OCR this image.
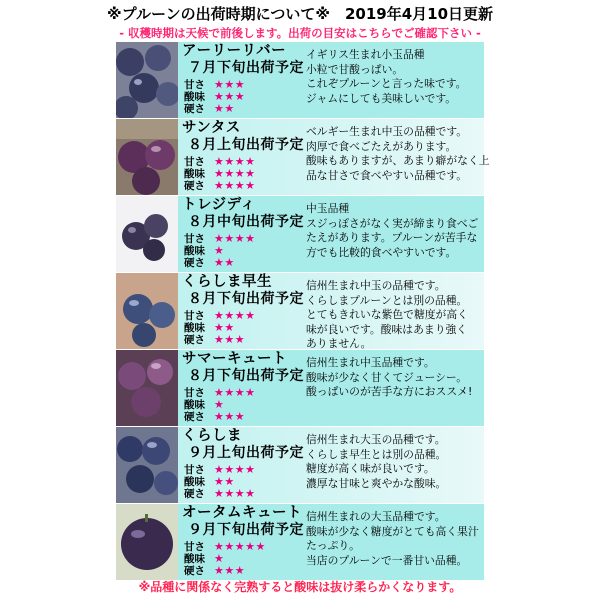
※プルーンの出荷時期について※　2019年4月10日更新
- 収穫時期は天候で前後します。出荷の目安はこちらでご確認下さい -
アーリーリバー
７月下旬出荷予定
甘さ ★★★
酸味 ★★★
硬さ ★★
イギリス生まれ小玉品種
小粒で甘酸っぱい。
これぞプルーンと言った味です。
ジャムにしても美味しいです。
サンタス
８月上旬出荷予定
甘さ ★★★★
酸味 ★★★★
硬さ ★★★★
ベルギー生まれ中玉の品種です。
肉厚で食べごたえがあります。
酸味もありますが、あまり癖がなく上
品な甘さで食べやすい品種です。
トレジディ
８月中旬出荷予定
甘さ ★★★★
酸味 ★
硬さ ★★
中玉品種
スジっぽさがなく実が締まり食べご
たえがあります。プルーンが苦手な
方でも比較的食べやすいです。
くらしま早生
８月下旬出荷予定
甘さ ★★★★
酸味 ★★
硬さ ★★★
信州生まれ中玉の品種です。
くらしまプルーンとは別の品種。
とてもきれいな紫色で糖度が高く
味が良いです。酸味はあまり強く
ありません。
サマーキュート
８月下旬出荷予定
甘さ ★★★★
酸味 ★
硬さ ★★★
信州生まれ中玉品種です。
酸味が少なく甘くてジューシー。
酸っぱいのが苦手な方におススメ!
くらしま
９月上旬出荷予定
甘さ ★★★★
酸味 ★★
硬さ ★★★★
信州生まれ大玉の品種です。
くらしま早生とは別の品種。
糖度が高く味が良いです。
濃厚な甘味と爽やかな酸味。
オータムキュート
９月下旬出荷予定
甘さ ★★★★★
酸味 ★
硬さ ★★★
信州生まれの大玉品種です。
酸味が少なく糖度がとても高く果汁
たっぷり。
当店のプルーンで一番甘い品種。
※品種に関係なく完熟すると酸味は抜け柔らかくなります。
